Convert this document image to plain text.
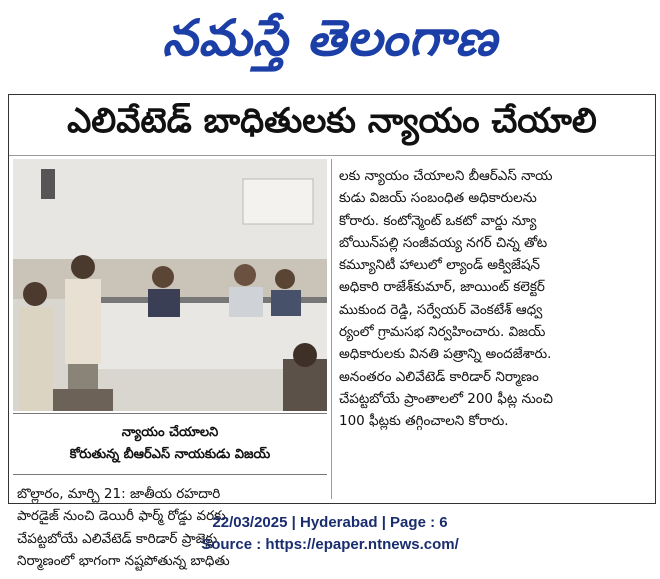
నమస్తే తెలంగాణ
ఎలివేటెడ్ బాధితులకు న్యాయం చేయాలి
న్యాయం చేయాలని
కోరుతున్న బీఆర్ఎస్ నాయకుడు విజయ్
బొల్లారం, మార్చి 21: జాతీయ రహదారి
పారడైజ్ నుంచి డెయిరీ ఫార్మ్ రోడ్డు వరకు
చేపట్టబోయే ఎలివేటెడ్ కారిడార్ ప్రాజెక్టు
నిర్మాణంలో భాగంగా నష్టపోతున్న బాధితు
లకు న్యాయం చేయాలని బీఆర్ఎస్ నాయ
కుడు విజయ్ సంబంధిత అధికారులను
కోరారు. కంటోన్మెంట్ ఒకటో వార్డు న్యూ
బోయిన్‌పల్లి సంజీవయ్య నగర్ చిన్న తోట
కమ్యూనిటీ హాలులో ల్యాండ్ అక్విజేషన్
అధికారి రాజేశ్‌కుమార్, జాయింట్ కలెక్టర్
ముకుంద రెడ్డి, సర్వేయర్ వెంకటేశ్ ఆధ్వ
ర్యంలో గ్రామసభ నిర్వహించారు. విజయ్
అధికారులకు వినతి పత్రాన్ని అందజేశారు.
అనంతరం ఎలివేటెడ్ కారిడార్ నిర్మాణం
చేపట్టబోయే ప్రాంతాలలో 200 ఫీట్ల నుంచి
100 ఫీట్లకు తగ్గించాలని కోరారు.
22/03/2025 | Hyderabad | Page : 6
Source : https://epaper.ntnews.com/
